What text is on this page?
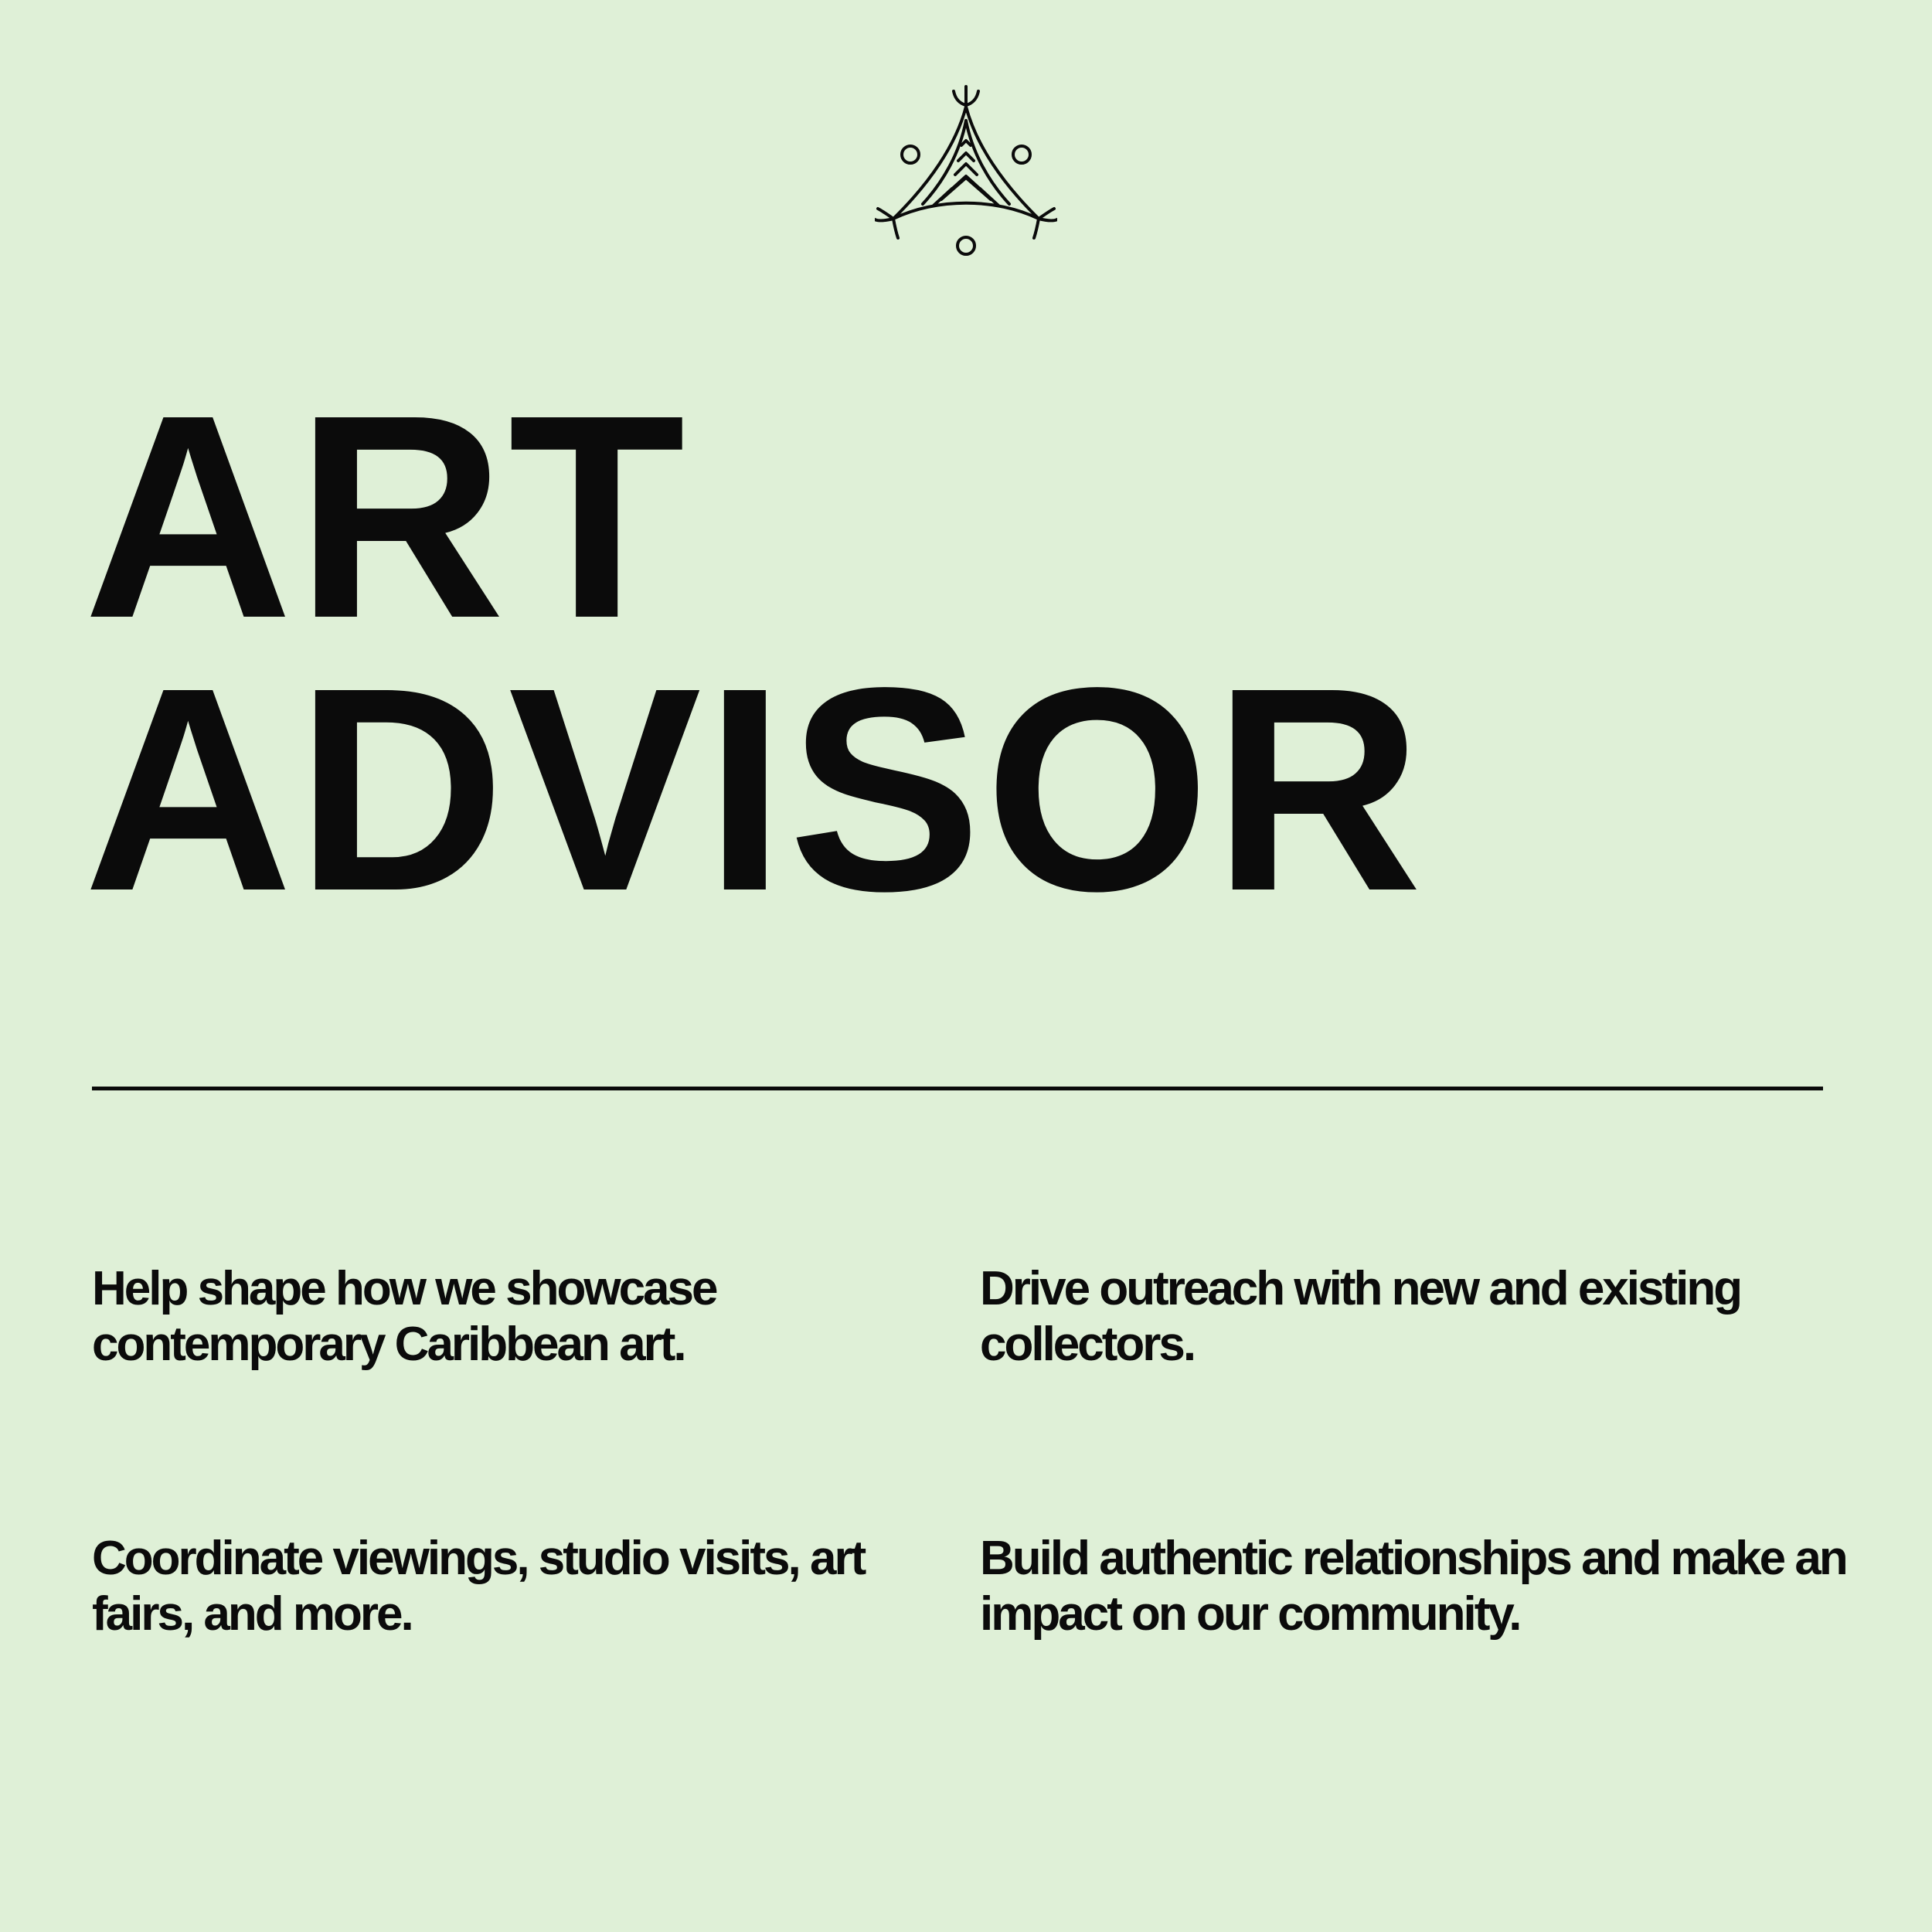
ART
ADVISOR

Help shape how we showcase contemporary Caribbean art.

Drive outreach with new and existing collectors.

Coordinate viewings, studio visits, art fairs, and more.

Build authentic relationships and make an impact on our community.
